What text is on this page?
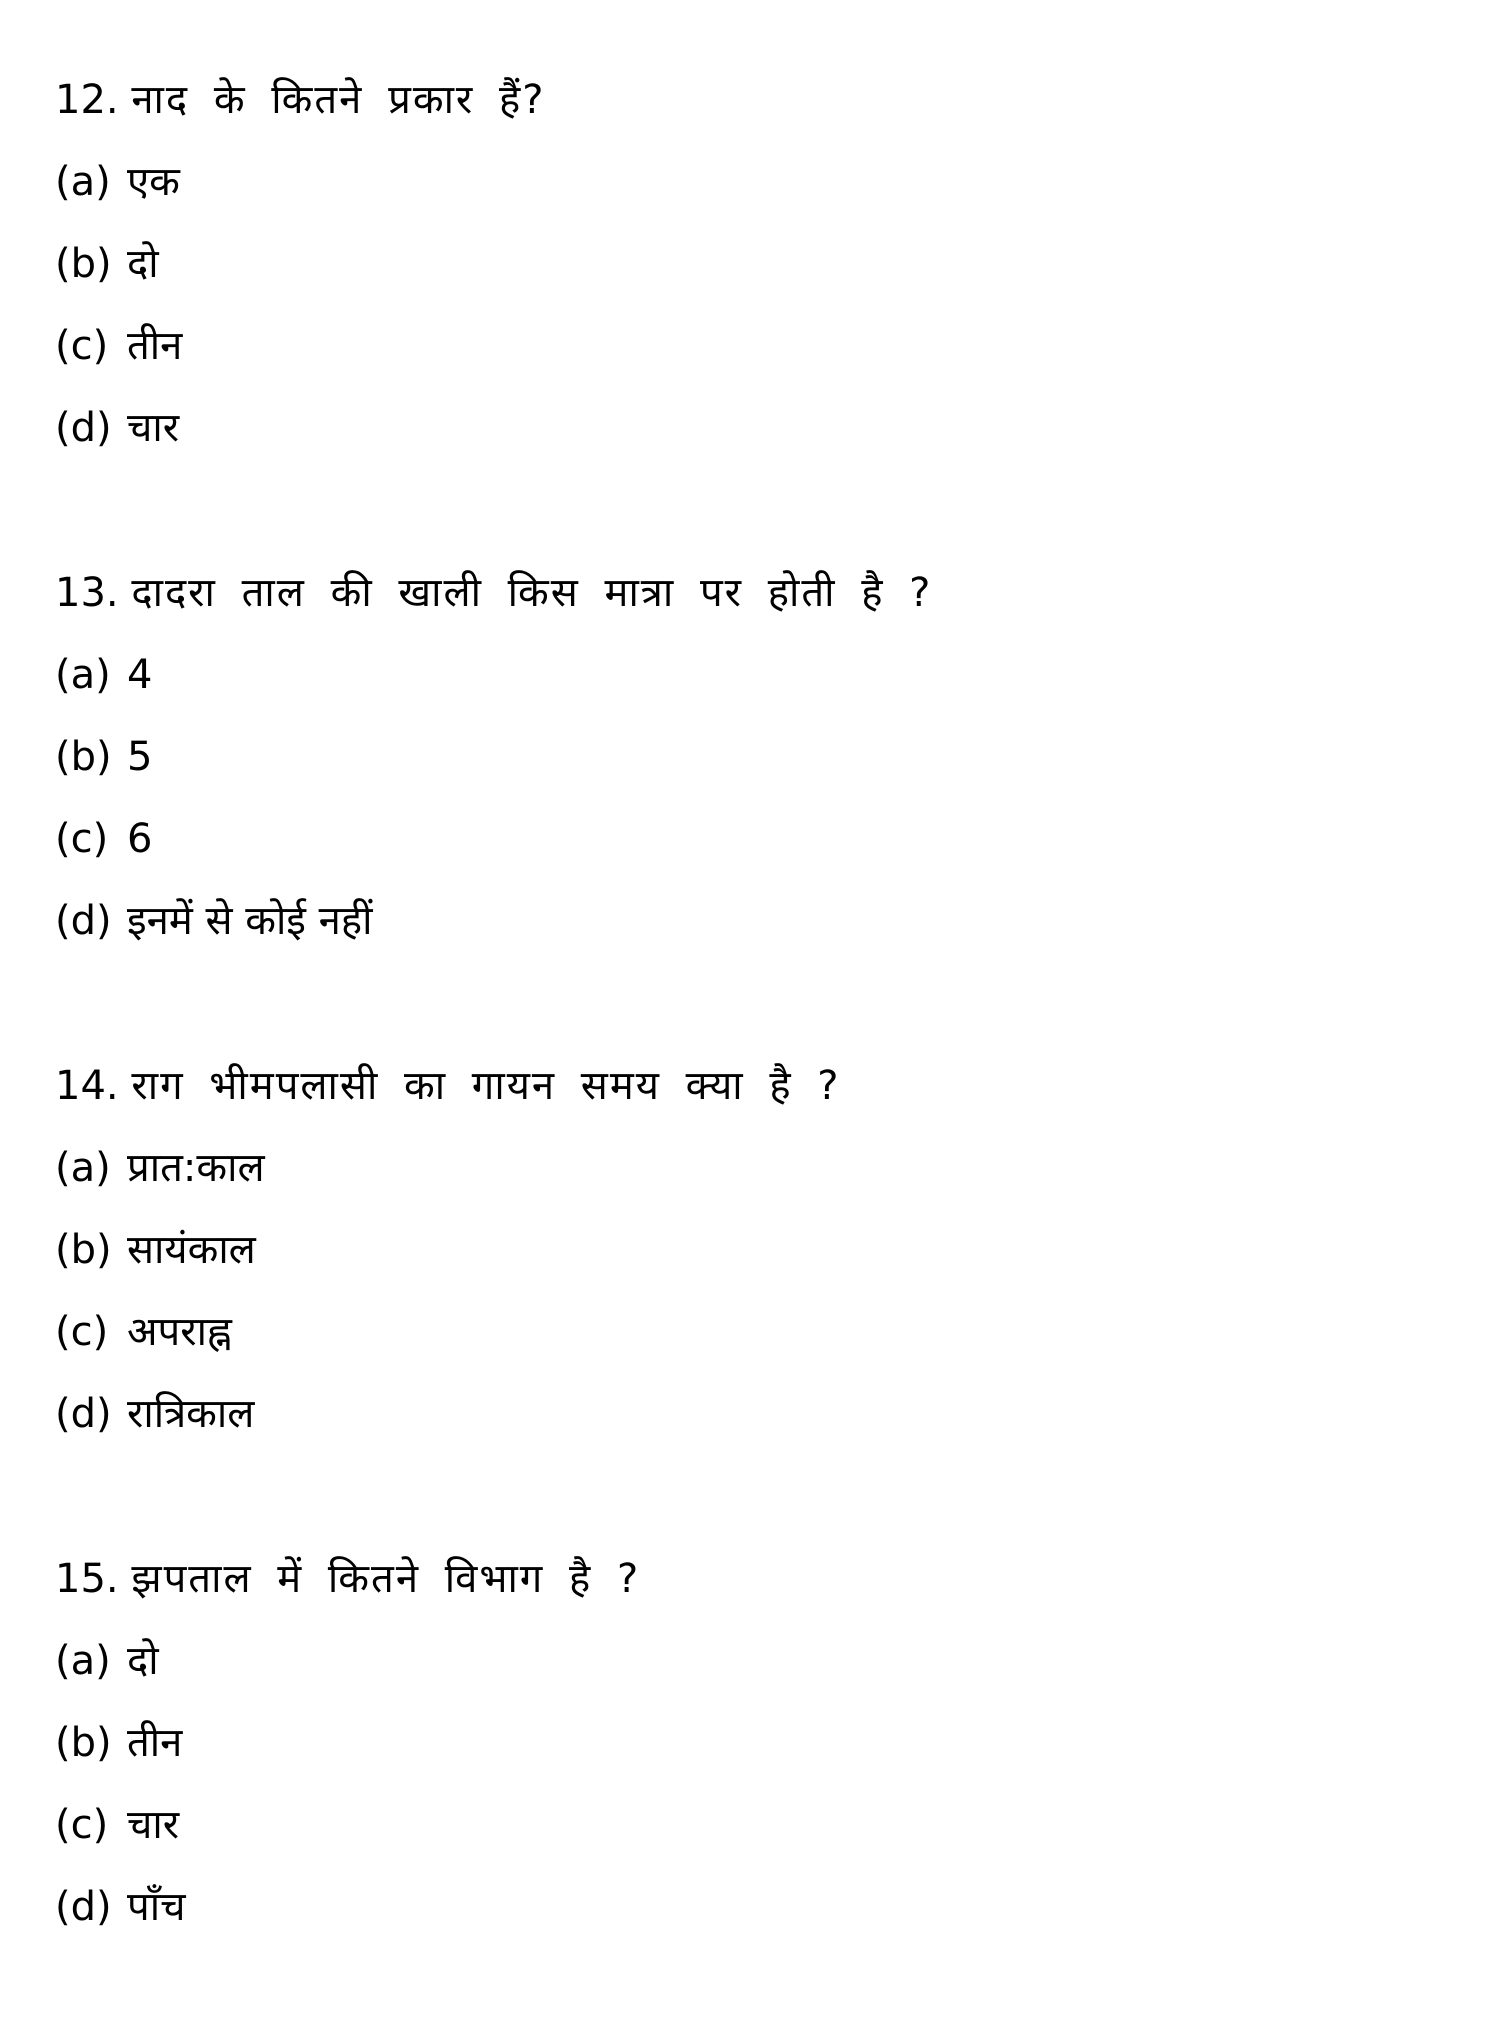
12. नाद के कितने प्रकार हैं?
(a) एक
(b) दो
(c) तीन
(d) चार
13. दादरा ताल की खाली किस मात्रा पर होती है ?
(a) 4
(b) 5
(c) 6
(d) इनमें से कोई नहीं
14. राग भीमपलासी का गायन समय क्या है ?
(a) प्रात:काल
(b) सायंकाल
(c) अपराह्न
(d) रात्रिकाल
15. झपताल में कितने विभाग है ?
(a) दो
(b) तीन
(c) चार
(d) पाँच
